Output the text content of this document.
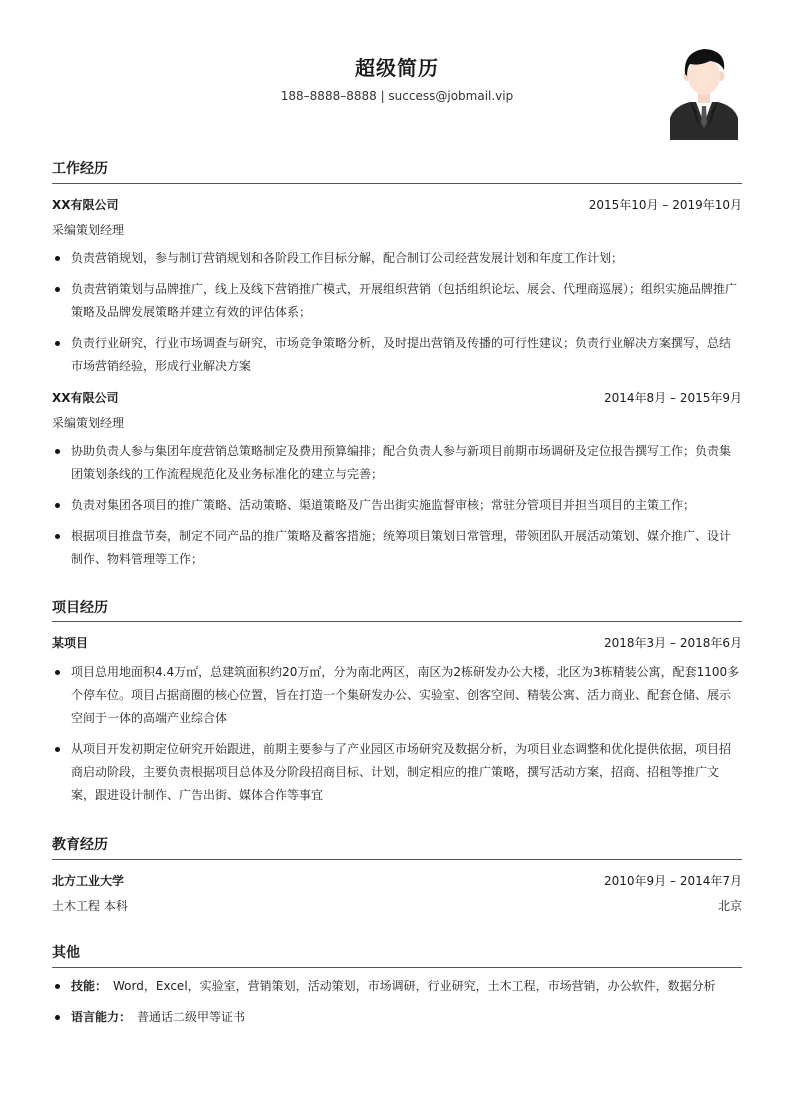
超级简历
188–8888–8888 | success@jobmail.vip
工作经历
XX有限公司	2015年10月 – 2019年10月
采编策划经理
负责营销规划，参与制订营销规划和各阶段工作目标分解，配合制订公司经营发展计划和年度工作计划；
负责营销策划与品牌推广，线上及线下营销推广模式，开展组织营销（包括组织论坛、展会、代理商巡展）；组织实施品牌推广策略及品牌发展策略并建立有效的评估体系；
负责行业研究，行业市场调查与研究，市场竞争策略分析，及时提出营销及传播的可行性建议；负责行业解决方案撰写，总结市场营销经验，形成行业解决方案
XX有限公司	2014年8月 – 2015年9月
采编策划经理
协助负责人参与集团年度营销总策略制定及费用预算编排；配合负责人参与新项目前期市场调研及定位报告撰写工作；负责集团策划条线的工作流程规范化及业务标准化的建立与完善；
负责对集团各项目的推广策略、活动策略、渠道策略及广告出街实施监督审核；常驻分管项目并担当项目的主策工作；
根据项目推盘节奏，制定不同产品的推广策略及蓄客措施；统筹项目策划日常管理，带领团队开展活动策划、媒介推广、设计制作、物料管理等工作；
项目经历
某项目	2018年3月 – 2018年6月
项目总用地面积4.4万㎡，总建筑面积约20万㎡，分为南北两区，南区为2栋研发办公大楼，北区为3栋精装公寓，配套1100多个停车位。项目占据商圈的核心位置，旨在打造一个集研发办公、实验室、创客空间、精装公寓、活力商业、配套仓储、展示空间于一体的高端产业综合体
从项目开发初期定位研究开始跟进，前期主要参与了产业园区市场研究及数据分析，为项目业态调整和优化提供依据，项目招商启动阶段，主要负责根据项目总体及分阶段招商目标、计划，制定相应的推广策略，撰写活动方案，招商、招租等推广文案，跟进设计制作、广告出街、媒体合作等事宜
教育经历
北方工业大学	2010年9月 – 2014年7月
土木工程 本科	北京
其他
技能： Word，Excel，实验室，营销策划，活动策划，市场调研，行业研究，土木工程，市场营销，办公软件，数据分析
语言能力： 普通话二级甲等证书
